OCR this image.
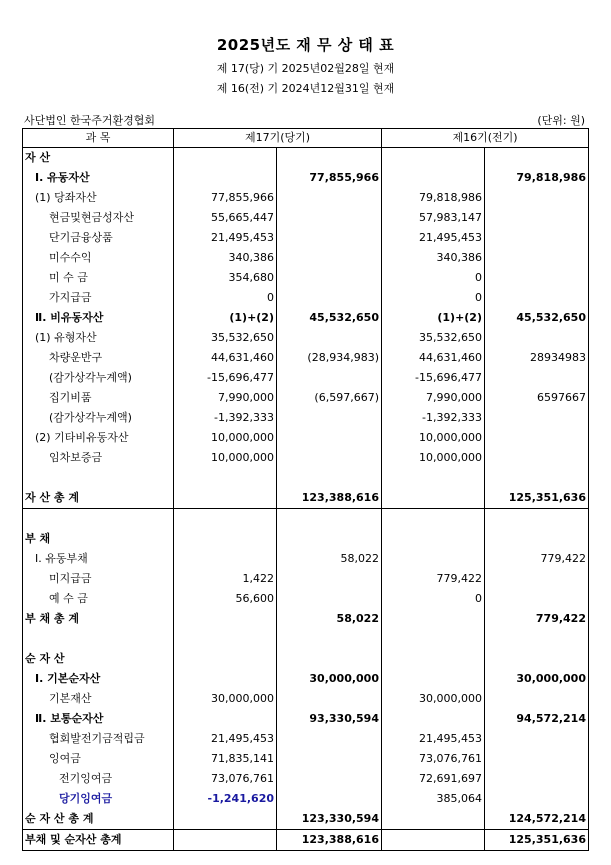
2025년도 재 무 상 태 표
제 17(당) 기 2025년02월28일 현재
제 16(전) 기 2024년12월31일 현재
사단법인 한국주거환경협회	(단위: 원)
과 목	제17기(당기)		제16기(전기)	
자 산				
Ⅰ. 유동자산		77,855,966		79,818,986
(1) 당좌자산	77,855,966		79,818,986	
현금및현금성자산	55,665,447		57,983,147	
단기금융상품	21,495,453		21,495,453	
미수수익	340,386		340,386	
미 수 금	354,680		0	
가지급금	0		0	
Ⅱ. 비유동자산	(1)+(2)	45,532,650	(1)+(2)	45,532,650
(1) 유형자산	35,532,650		35,532,650	
차량운반구	44,631,460	(28,934,983)	44,631,460	28934983
(감가상각누계액)	-15,696,477		-15,696,477	
집기비품	7,990,000	(6,597,667)	7,990,000	6597667
(감가상각누계액)	-1,392,333		-1,392,333	
(2) 기타비유동자산	10,000,000		10,000,000	
임차보증금	10,000,000		10,000,000	

자 산 총 계		123,388,616		125,351,636

부 채				
Ⅰ. 유동부채		58,022		779,422
미지급금	1,422		779,422	
예 수 금	56,600		0	
부 채 총 계		58,022		779,422

순 자 산				
Ⅰ. 기본순자산		30,000,000		30,000,000
기본재산	30,000,000		30,000,000	
Ⅱ. 보통순자산		93,330,594		94,572,214
협회발전기금적립금	21,495,453		21,495,453	
잉여금	71,835,141		73,076,761	
전기잉여금	73,076,761		72,691,697	
당기잉여금	-1,241,620		385,064	
순 자 산 총 계		123,330,594		124,572,214
부채 및 순자산 총계		123,388,616		125,351,636
